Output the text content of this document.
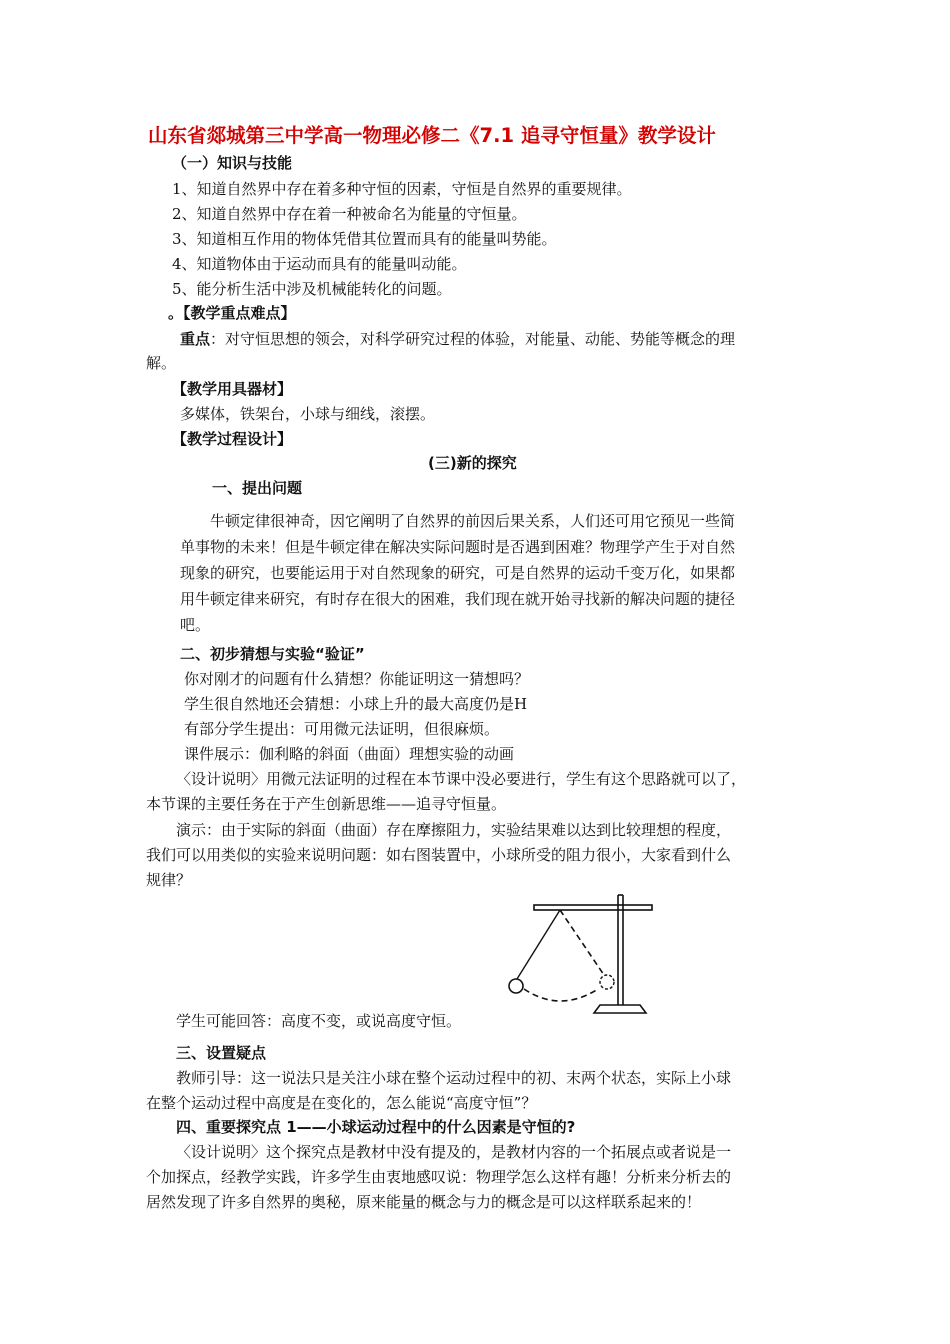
山东省郯城第三中学高一物理必修二《7.1 追寻守恒量》教学设计
（一）知识与技能
1、知道自然界中存在着多种守恒的因素，守恒是自然界的重要规律。
2、知道自然界中存在着一种被命名为能量的守恒量。
3、知道相互作用的物体凭借其位置而具有的能量叫势能。
4、知道物体由于运动而具有的能量叫动能。
5、能分析生活中涉及机械能转化的问题。
。【教学重点难点】
重点：对守恒思想的领会，对科学研究过程的体验，对能量、动能、势能等概念的理
解。
【教学用具器材】
多媒体，铁架台，小球与细线，滚摆。
【教学过程设计】
(三)新的探究
一、提出问题

牛顿定律很神奇，因它阐明了自然界的前因后果关系，人们还可用它预见一些简

单事物的未来！但是牛顿定律在解决实际问题时是否遇到困难？物理学产生于对自然

现象的研究，也要能运用于对自然现象的研究，可是自然界的运动千变万化，如果都

用牛顿定律来研究，有时存在很大的困难，我们现在就开始寻找新的解决问题的捷径

吧。

二、初步猜想与实验“验证”
你对刚才的问题有什么猜想？你能证明这一猜想吗？
学生很自然地还会猜想：小球上升的最大高度仍是H
有部分学生提出：可用微元法证明，但很麻烦。
课件展示：伽利略的斜面（曲面）理想实验的动画
〈设计说明〉用微元法证明的过程在本节课中没必要进行，学生有这个思路就可以了，
本节课的主要任务在于产生创新思维——追寻守恒量。
演示：由于实际的斜面（曲面）存在摩擦阻力，实验结果难以达到比较理想的程度，
我们可以用类似的实验来说明问题：如右图装置中，小球所受的阻力很小，大家看到什么
规律？
学生可能回答：高度不变，或说高度守恒。
三、设置疑点
教师引导：这一说法只是关注小球在整个运动过程中的初、末两个状态，实际上小球
在整个运动过程中高度是在变化的，怎么能说“高度守恒”？
四、重要探究点 1——小球运动过程中的什么因素是守恒的?
〈设计说明〉这个探究点是教材中没有提及的，是教材内容的一个拓展点或者说是一
个加探点，经教学实践，许多学生由衷地感叹说：物理学怎么这样有趣！分析来分析去的
居然发现了许多自然界的奥秘，原来能量的概念与力的概念是可以这样联系起来的！
